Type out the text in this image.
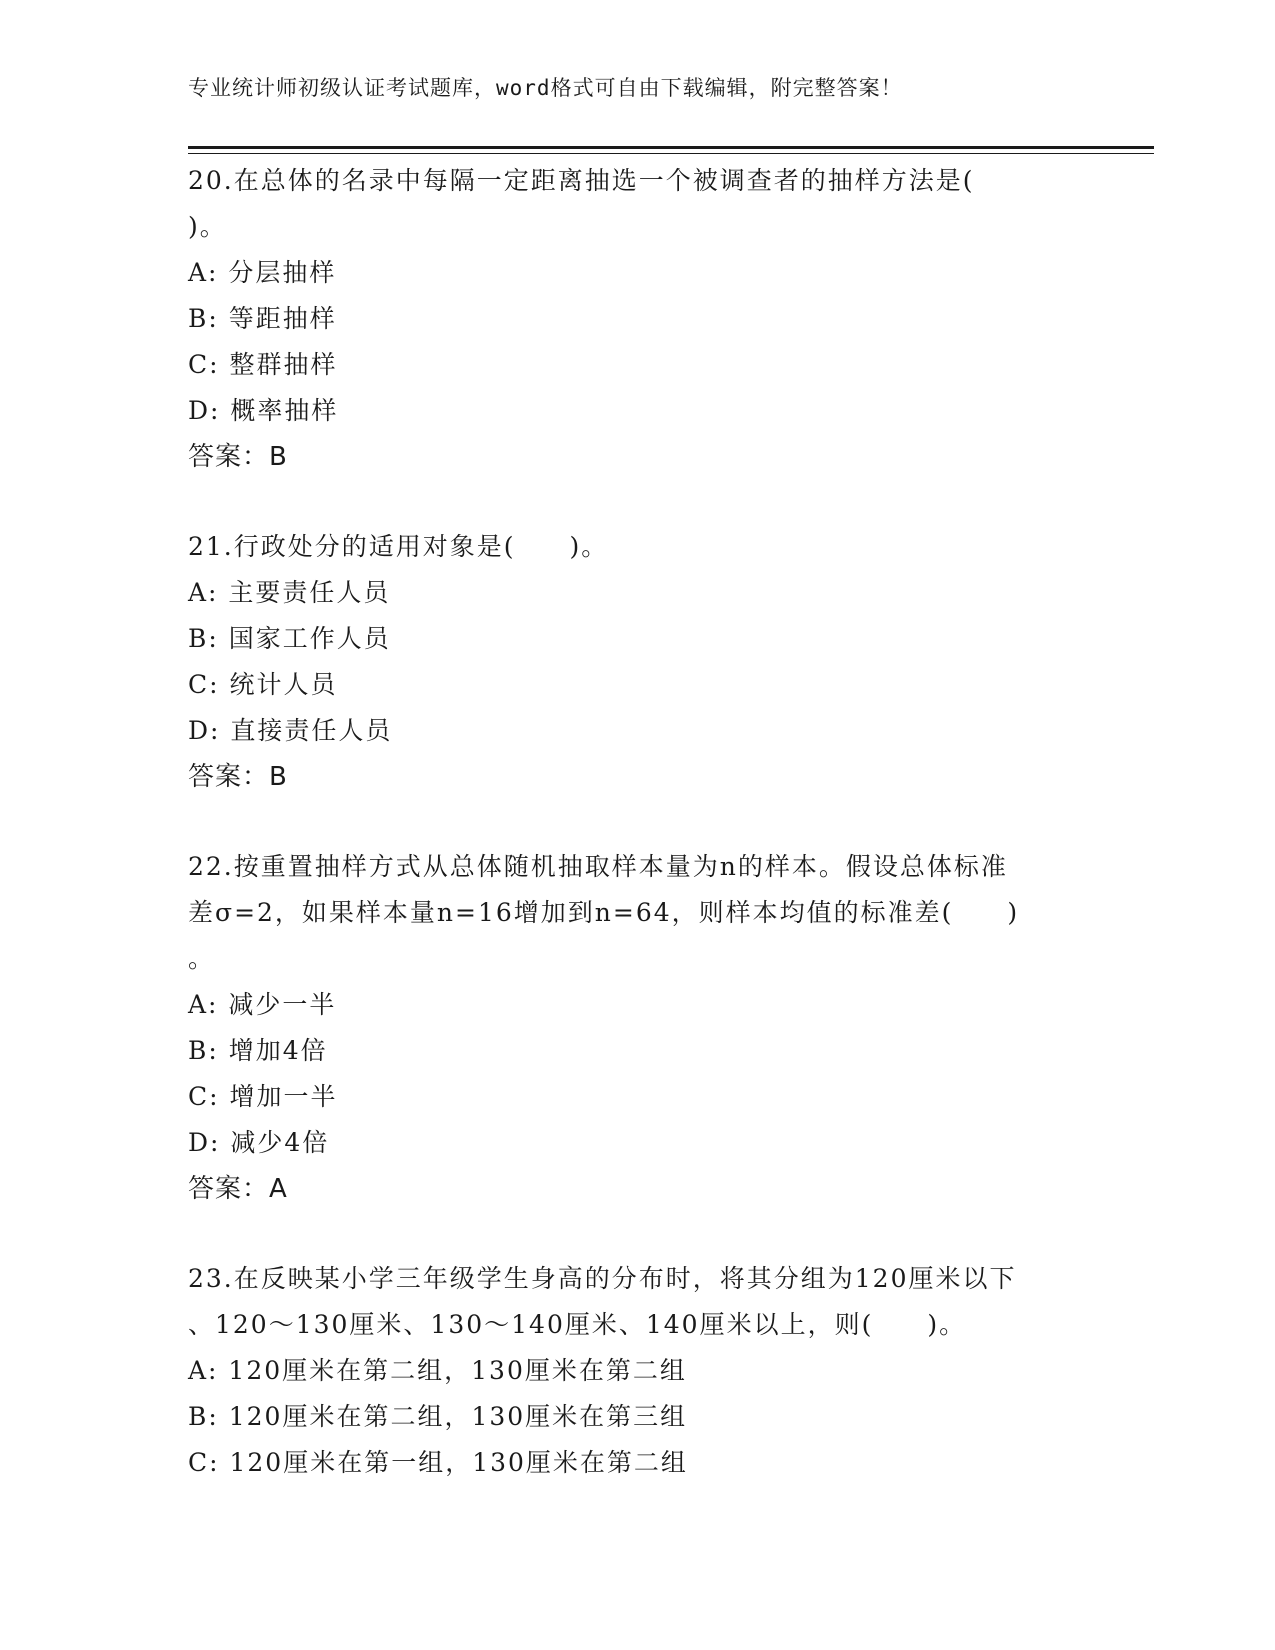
专业统计师初级认证考试题库，word格式可自由下载编辑，附完整答案！
20.在总体的名录中每隔一定距离抽选一个被调查者的抽样方法是(
)。
A: 分层抽样
B: 等距抽样
C: 整群抽样
D: 概率抽样
答案：B
21.行政处分的适用对象是(　　)。
A: 主要责任人员
B: 国家工作人员
C: 统计人员
D: 直接责任人员
答案：B
22.按重置抽样方式从总体随机抽取样本量为n的样本。假设总体标准
差σ=2，如果样本量n=16增加到n=64，则样本均值的标准差(　　)
。
A: 减少一半
B: 增加4倍
C: 增加一半
D: 减少4倍
答案：A
23.在反映某小学三年级学生身高的分布时，将其分组为120厘米以下
、120～130厘米、130～140厘米、140厘米以上，则(　　)。
A: 120厘米在第二组，130厘米在第二组
B: 120厘米在第二组，130厘米在第三组
C: 120厘米在第一组，130厘米在第二组
